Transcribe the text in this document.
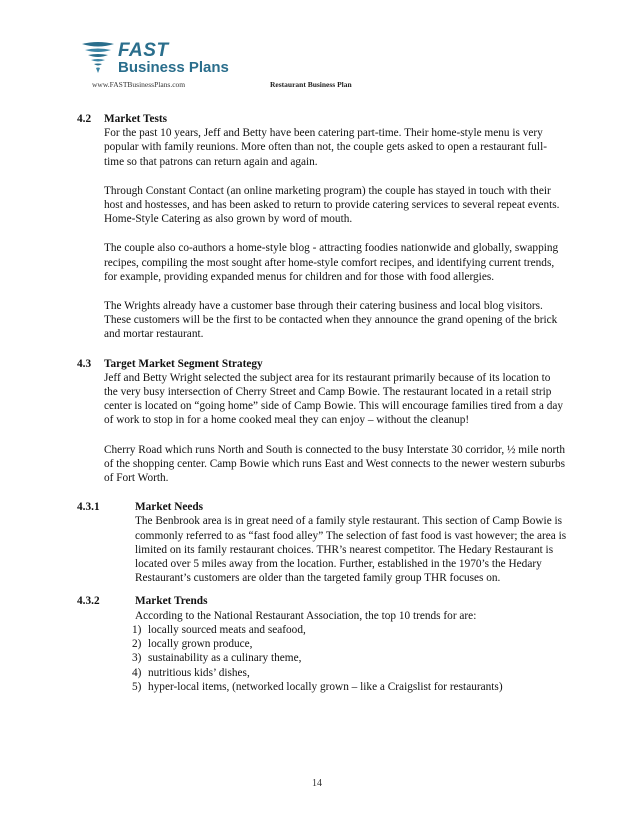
FAST
Business Plans
www.FASTBusinessPlans.com	Restaurant Business Plan
4.2	Market Tests

For the past 10 years, Jeff and Betty have been catering part-time. Their home-style menu is very popular with family reunions. More often than not, the couple gets asked to open a restaurant full-time so that patrons can return again and again.

Through Constant Contact (an online marketing program) the couple has stayed in touch with their host and hostesses, and has been asked to return to provide catering services to several repeat events. Home-Style Catering as also grown by word of mouth.

The couple also co-authors a home-style blog - attracting foodies nationwide and globally, swapping recipes, compiling the most sought after home-style comfort recipes, and identifying current trends, for example, providing expanded menus for children and for those with food allergies.

The Wrights already have a customer base through their catering business and local blog visitors. These customers will be the first to be contacted when they announce the grand opening of the brick and mortar restaurant.

4.3	Target Market Segment Strategy

Jeff and Betty Wright selected the subject area for its restaurant primarily because of its location to the very busy intersection of Cherry Street and Camp Bowie. The restaurant located in a retail strip center is located on “going home” side of Camp Bowie. This will encourage families tired from a day of work to stop in for a home cooked meal they can enjoy – without the cleanup!

Cherry Road which runs North and South is connected to the busy Interstate 30 corridor, ½ mile north of the shopping center. Camp Bowie which runs East and West connects to the newer western suburbs of Fort Worth.

4.3.1	Market Needs

The Benbrook area is in great need of a family style restaurant. This section of Camp Bowie is commonly referred to as “fast food alley” The selection of fast food is vast however; the area is limited on its family restaurant choices. THR’s nearest competitor. The Hedary Restaurant is located over 5 miles away from the location. Further, established in the 1970’s the Hedary Restaurant’s customers are older than the targeted family group THR focuses on.

4.3.2	Market Trends

According to the National Restaurant Association, the top 10 trends for are:

1) locally sourced meats and seafood,
2) locally grown produce,
3) sustainability as a culinary theme,
4) nutritious kids’ dishes,
5) hyper-local items, (networked locally grown – like a Craigslist for restaurants)
14
